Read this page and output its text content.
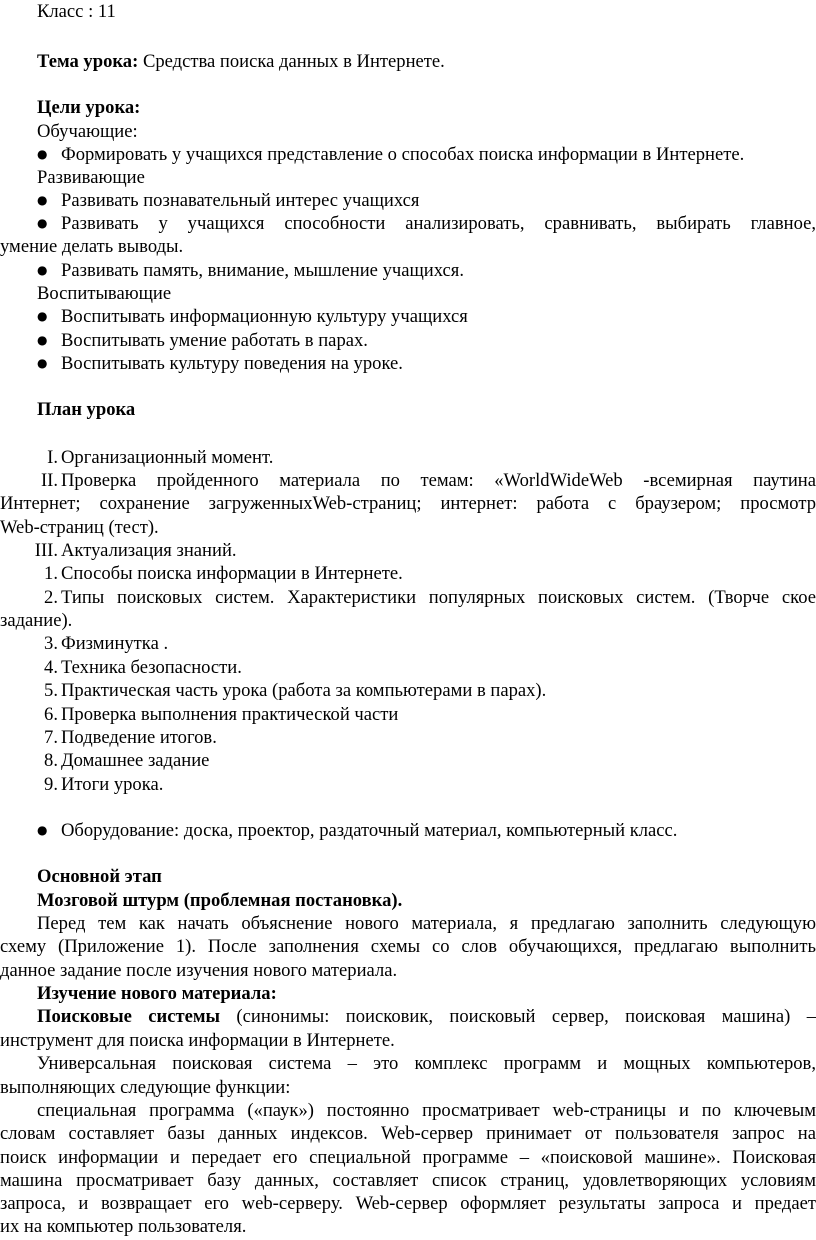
Класс : 11
Тема урока: Средства поиска данных в Интернете.
Цели урока:
Обучающие:
● Формировать у учащихся представление о способах поиска информации в Интернете.
Развивающие
● Развивать познавательный интерес учащихся
● Развивать у учащихся способности анализировать, сравнивать, выбирать главное,
умение делать выводы.
● Развивать память, внимание, мышление учащихся.
Воспитывающие
● Воспитывать информационную культуру учащихся
● Воспитывать умение работать в парах.
● Воспитывать культуру поведения на уроке.
План урока
I. Организационный момент.
II. Проверка пройденного материала по темам: «WorldWideWeb -всемирная паутина
Интернет; сохранение загруженныхWeb-страниц; интернет: работа с браузером; просмотр
Web-страниц (тест).
III. Актуализация знаний.
1. Способы поиска информации в Интернете.
2. Типы поисковых систем. Характеристики популярных поисковых систем. (Творче ское
задание).
3. Физминутка .
4. Техника безопасности.
5. Практическая часть урока (работа за компьютерами в парах).
6. Проверка выполнения практической части
7. Подведение итогов.
8. Домашнее задание
9. Итоги урока.
● Оборудование: доска, проектор, раздаточный материал, компьютерный класс.
Основной этап
Мозговой штурм (проблемная постановка).
Перед тем как начать объяснение нового материала, я предлагаю заполнить следующую
схему (Приложение 1). После заполнения схемы со слов обучающихся, предлагаю выполнить
данное задание после изучения нового материала.
Изучение нового материала:
Поисковые системы (синонимы: поисковик, поисковый сервер, поисковая машина) –
инструмент для поиска информации в Интернете.
Универсальная поисковая система – это комплекс программ и мощных компьютеров,
выполняющих следующие функции:
специальная программа («паук») постоянно просматривает web-страницы и по ключевым
словам составляет базы данных индексов. Web-сервер принимает от пользователя запрос на
поиск информации и передает его специальной программе – «поисковой машине». Поисковая
машина просматривает базу данных, составляет список страниц, удовлетворяющих условиям
запроса, и возвращает его web-серверу. Web-сервер оформляет результаты запроса и предает
их на компьютер пользователя.
